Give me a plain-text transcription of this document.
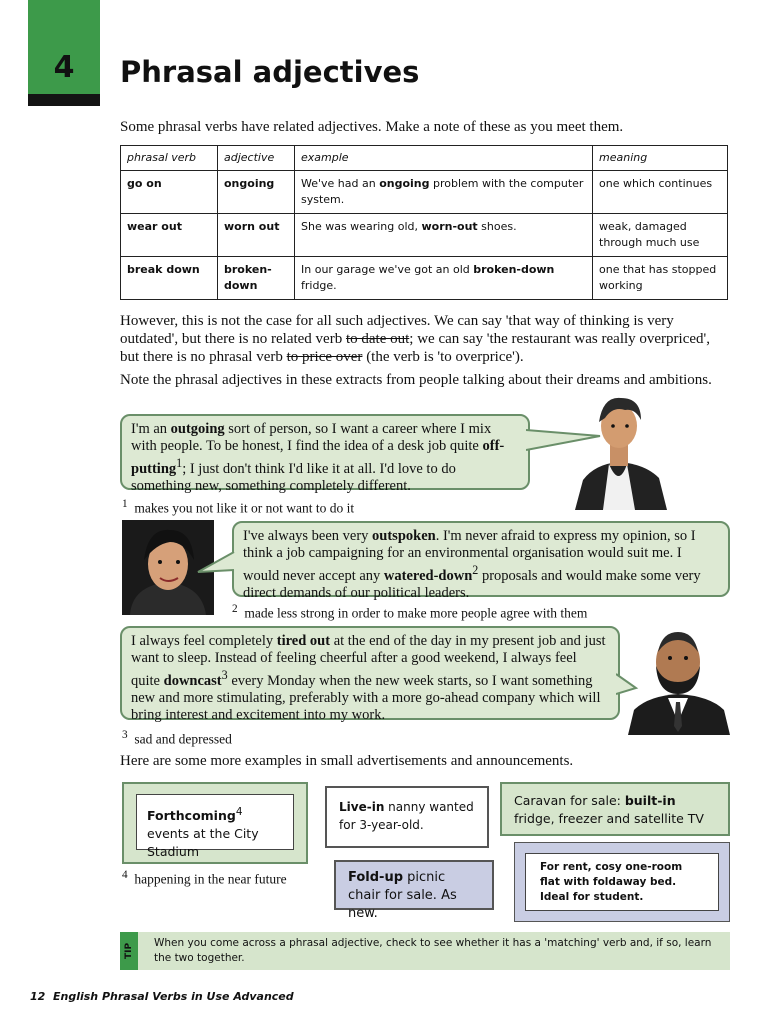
4	Phrasal adjectives
Some phrasal verbs have related adjectives. Make a note of these as you meet them.
phrasal verb	adjective	example	meaning
go on	ongoing	We've had an ongoing problem with the computer system.	one which continues
wear out	worn out	She was wearing old, worn-out shoes.	weak, damaged through much use
break down	broken-down	In our garage we've got an old broken-down fridge.	one that has stopped working
However, this is not the case for all such adjectives. We can say 'that way of thinking is very outdated', but there is no related verb to date out; we can say 'the restaurant was really overpriced', but there is no phrasal verb to price over (the verb is 'to overprice').
Note the phrasal adjectives in these extracts from people talking about their dreams and ambitions.
I'm an outgoing sort of person, so I want a career where I mix with people. To be honest, I find the idea of a desk job quite off-putting$^1$; I just don't think I'd like it at all. I'd love to do something new, something completely different.
$^1$ makes you not like it or not want to do it
I've always been very outspoken. I'm never afraid to express my opinion, so I think a job campaigning for an environmental organisation would suit me. I would never accept any watered-down$^2$ proposals and would make some very direct demands of our political leaders.
$^2$ made less strong in order to make more people agree with them
I always feel completely tired out at the end of the day in my present job and just want to sleep. Instead of feeling cheerful after a good weekend, I always feel quite downcast$^3$ every Monday when the new week starts, so I want something new and more stimulating, preferably with a more go-ahead company which will bring interest and excitement into my work.
$^3$ sad and depressed
Here are some more examples in small advertisements and announcements.
Forthcoming$^4$ events at the City Stadium
$^4$ happening in the near future
Live-in nanny wanted for 3-year-old.
Caravan for sale: built-in fridge, freezer and satellite TV
Fold-up picnic chair for sale. As new.
For rent, cosy one-room flat with foldaway bed. Ideal for student.
TIP When you come across a phrasal adjective, check to see whether it has a 'matching' verb and, if so, learn the two together.
12 English Phrasal Verbs in Use Advanced
